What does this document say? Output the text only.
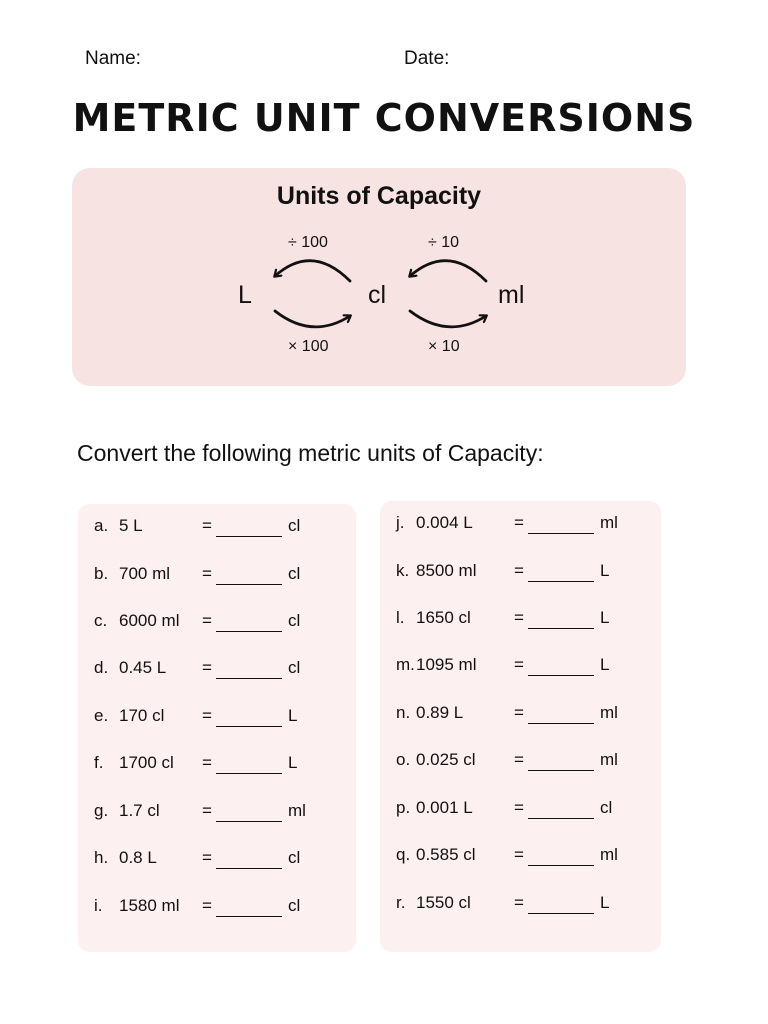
Name:	Date:
METRIC UNIT CONVERSIONS
Units of Capacity
L	cl	ml
÷ 100
× 100
÷ 10
× 10
Convert the following metric units of Capacity:
a. 5 L	=	cl
b. 700 ml =	cl
c. 6000 ml =	cl
d. 0.45 L =	cl
e. 170 cl =	L
f. 1700 cl =	L
g. 1.7 cl =	ml
h. 0.8 L	=	cl
i. 1580 ml =	cl
j. 0.004 L =	ml
k. 8500 ml =	L
l. 1650 cl	=	L
m. 1095 ml =	L
n. 0.89 L	=	ml
o. 0.025 cl =	ml
p. 0.001 L =	cl
q. 0.585 cl =	ml
r. 1550 cl	=	L
